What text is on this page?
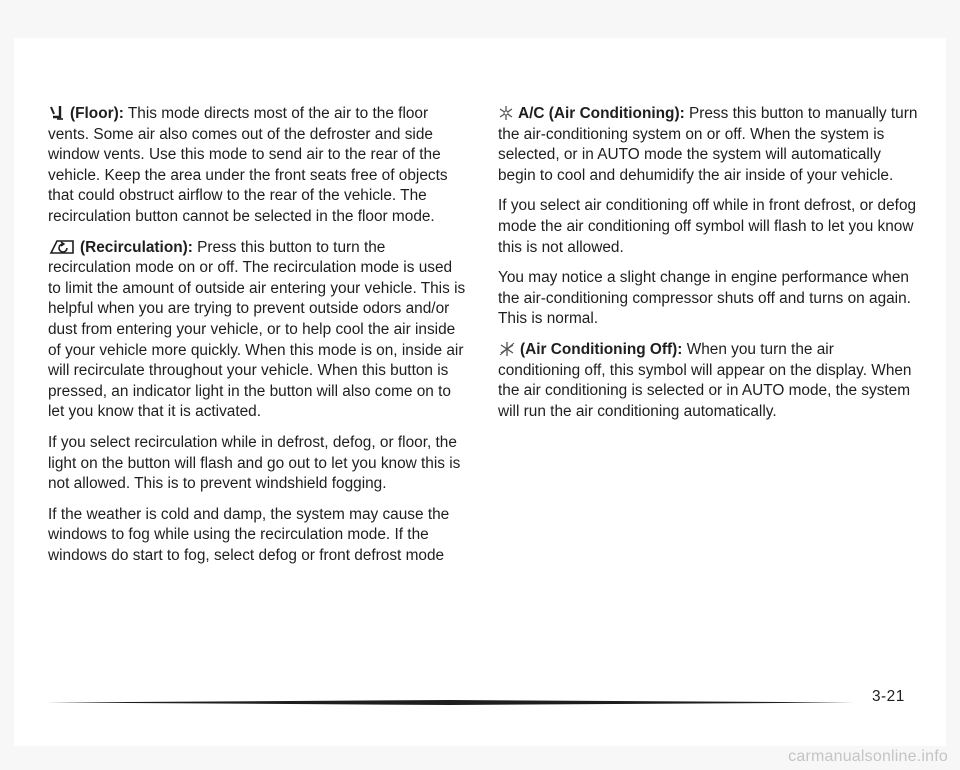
(Floor): This mode directs most of the air to the floor vents. Some air also comes out of the defroster and side window vents. Use this mode to send air to the rear of the vehicle. Keep the area under the front seats free of objects that could obstruct airflow to the rear of the vehicle. The recirculation button cannot be selected in the floor mode.

(Recirculation): Press this button to turn the recirculation mode on or off. The recirculation mode is used to limit the amount of outside air entering your vehicle. This is helpful when you are trying to prevent outside odors and/or dust from entering your vehicle, or to help cool the air inside of your vehicle more quickly. When this mode is on, inside air will recirculate throughout your vehicle. When this button is pressed, an indicator light in the button will also come on to let you know that it is activated.

If you select recirculation while in defrost, defog, or floor, the light on the button will flash and go out to let you know this is not allowed. This is to prevent windshield fogging.

If the weather is cold and damp, the system may cause the windows to fog while using the recirculation mode. If the windows do start to fog, select defog or front defrost mode

A/C (Air Conditioning): Press this button to manually turn the air-conditioning system on or off. When the system is selected, or in AUTO mode the system will automatically begin to cool and dehumidify the air inside of your vehicle.

If you select air conditioning off while in front defrost, or defog mode the air conditioning off symbol will flash to let you know this is not allowed.

You may notice a slight change in engine performance when the air-conditioning compressor shuts off and turns on again. This is normal.

(Air Conditioning Off): When you turn the air conditioning off, this symbol will appear on the display. When the air conditioning is selected or in AUTO mode, the system will run the air conditioning automatically.

3-21
carmanualsonline.info
